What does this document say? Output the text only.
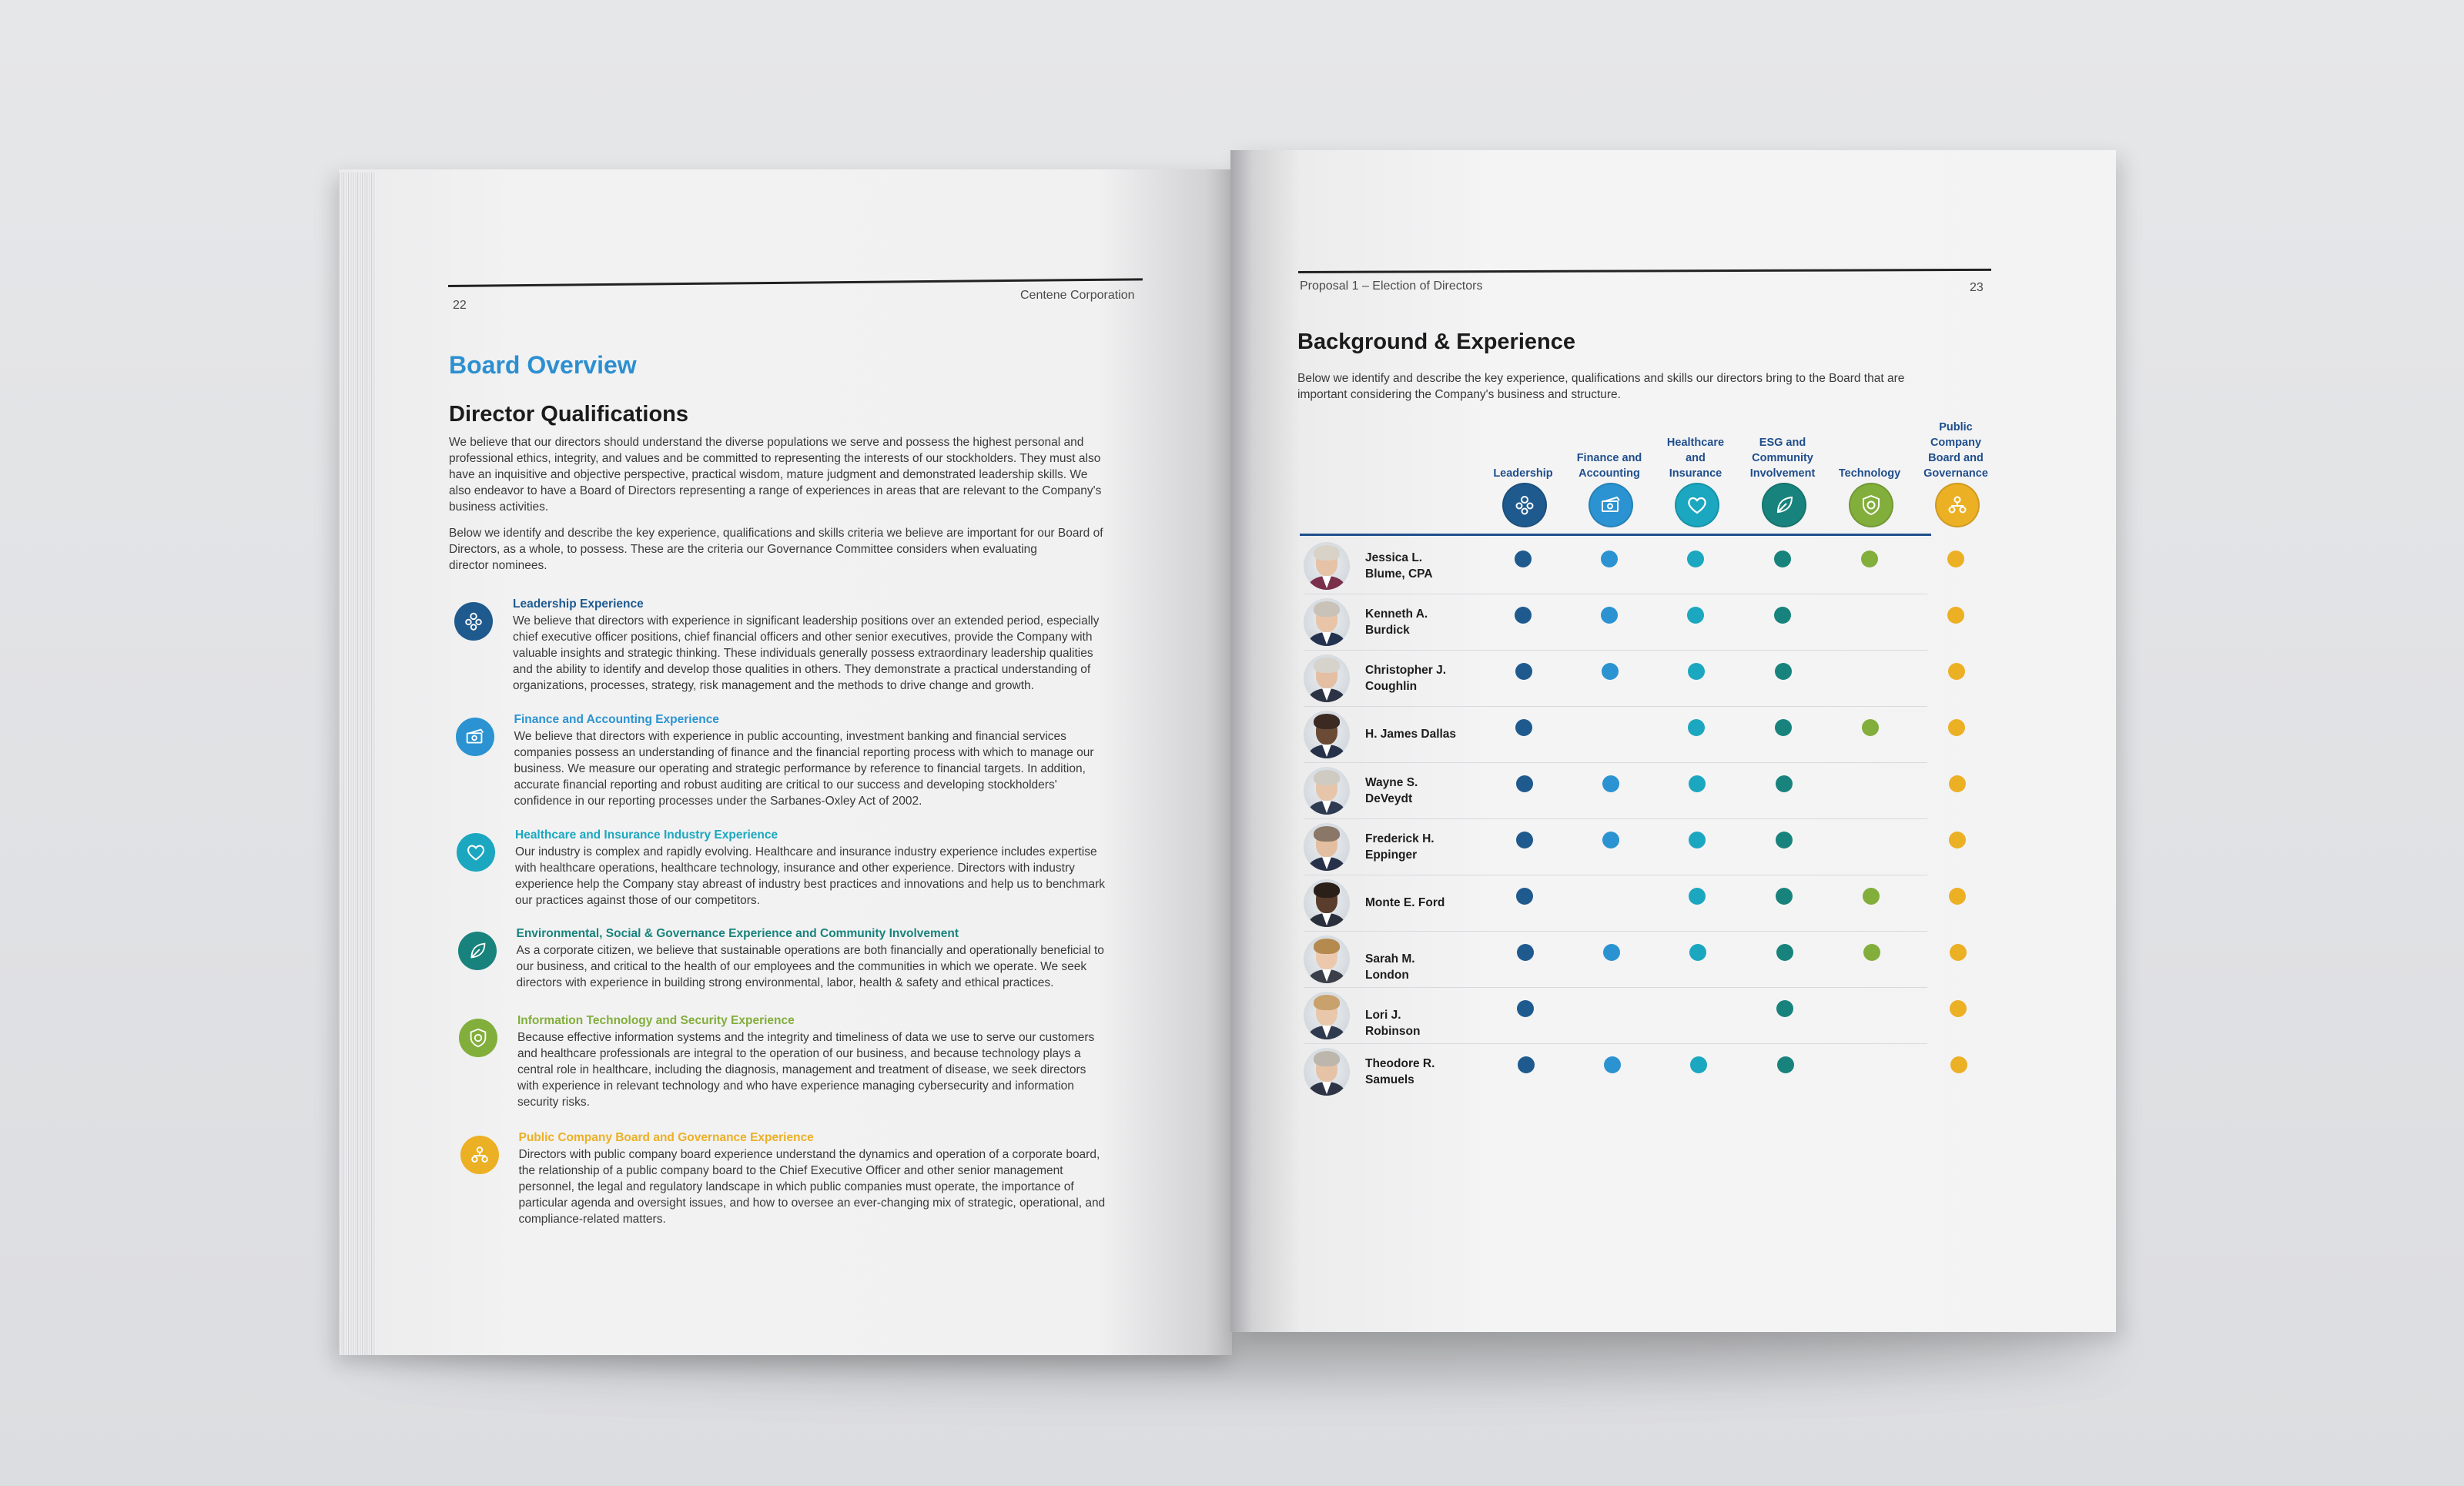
22
Centene Corporation
Board Overview
Director Qualifications
We believe that our directors should understand the diverse populations we serve and possess the highest personal and
professional ethics, integrity, and values and be committed to representing the interests of our stockholders. They must also
have an inquisitive and objective perspective, practical wisdom, mature judgment and demonstrated leadership skills. We
also endeavor to have a Board of Directors representing a range of experiences in areas that are relevant to the Company's
business activities.
Below we identify and describe the key experience, qualifications and skills criteria we believe are important for our Board of
Directors, as a whole, to possess. These are the criteria our Governance Committee considers when evaluating
director nominees.
Leadership Experience
We believe that directors with experience in significant leadership positions over an extended period, especially
chief executive officer positions, chief financial officers and other senior executives, provide the Company with
valuable insights and strategic thinking. These individuals generally possess extraordinary leadership qualities
and the ability to identify and develop those qualities in others. They demonstrate a practical understanding of
organizations, processes, strategy, risk management and the methods to drive change and growth.
Finance and Accounting Experience
We believe that directors with experience in public accounting, investment banking and financial services
companies possess an understanding of finance and the financial reporting process with which to manage our
business. We measure our operating and strategic performance by reference to financial targets. In addition,
accurate financial reporting and robust auditing are critical to our success and developing stockholders'
confidence in our reporting processes under the Sarbanes-Oxley Act of 2002.
Healthcare and Insurance Industry Experience
Our industry is complex and rapidly evolving. Healthcare and insurance industry experience includes expertise
with healthcare operations, healthcare technology, insurance and other experience. Directors with industry
experience help the Company stay abreast of industry best practices and innovations and help us to benchmark
our practices against those of our competitors.
Environmental, Social & Governance Experience and Community Involvement
As a corporate citizen, we believe that sustainable operations are both financially and operationally beneficial to
our business, and critical to the health of our employees and the communities in which we operate. We seek
directors with experience in building strong environmental, labor, health & safety and ethical practices.
Information Technology and Security Experience
Because effective information systems and the integrity and timeliness of data we use to serve our customers
and healthcare professionals are integral to the operation of our business, and because technology plays a
central role in healthcare, including the diagnosis, management and treatment of disease, we seek directors
with experience in relevant technology and who have experience managing cybersecurity and information
security risks.
Public Company Board and Governance Experience
Directors with public company board experience understand the dynamics and operation of a corporate board,
the relationship of a public company board to the Chief Executive Officer and other senior management
personnel, the legal and regulatory landscape in which public companies must operate, the importance of
particular agenda and oversight issues, and how to oversee an ever-changing mix of strategic, operational, and
compliance-related matters.
Proposal 1 – Election of Directors	23
Background & Experience
Below we identify and describe the key experience, qualifications and skills our directors bring to the Board that are
important considering the Company's business and structure.
Leadership
Finance and
Accounting
Healthcare
and
Insurance
ESG and
Community
Involvement	Technology
Public
Company
Board and
Governance
Jessica L.
Blume, CPA
Kenneth A.
Burdick
Christopher J.
Coughlin
H. James Dallas
Wayne S.
DeVeydt
Frederick H.
Eppinger
Monte E. Ford
Sarah M. London
Lori J. Robinson
Theodore R.
Samuels
